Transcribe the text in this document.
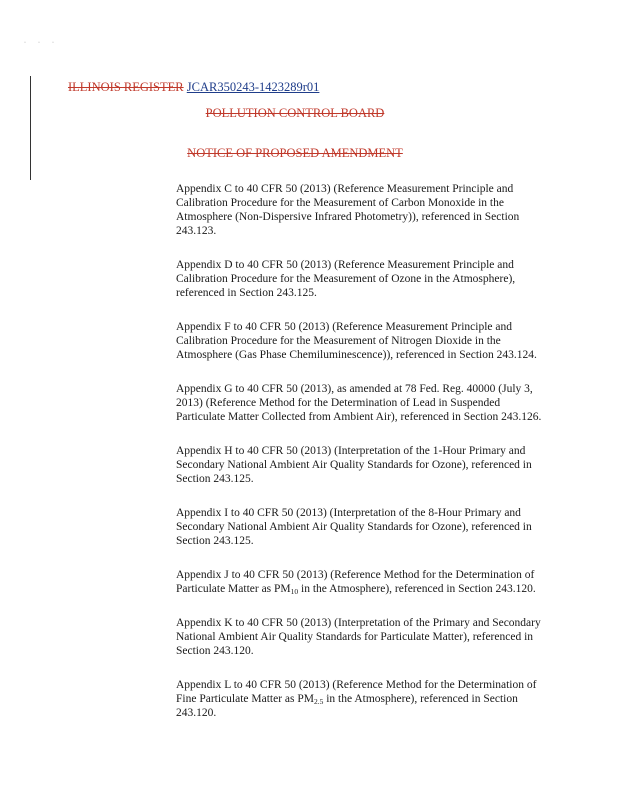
···
ILLINOIS REGISTER JCAR350243-1423289r01
POLLUTION CONTROL BOARD
NOTICE OF PROPOSED AMENDMENT

Appendix C to 40 CFR 50 (2013) (Reference Measurement Principle and Calibration Procedure for the Measurement of Carbon Monoxide in the Atmosphere (Non-Dispersive Infrared Photometry)), referenced in Section 243.123.

Appendix D to 40 CFR 50 (2013) (Reference Measurement Principle and Calibration Procedure for the Measurement of Ozone in the Atmosphere), referenced in Section 243.125.

Appendix F to 40 CFR 50 (2013) (Reference Measurement Principle and Calibration Procedure for the Measurement of Nitrogen Dioxide in the Atmosphere (Gas Phase Chemiluminescence)), referenced in Section 243.124.

Appendix G to 40 CFR 50 (2013), as amended at 78 Fed. Reg. 40000 (July 3, 2013) (Reference Method for the Determination of Lead in Suspended Particulate Matter Collected from Ambient Air), referenced in Section 243.126.

Appendix H to 40 CFR 50 (2013) (Interpretation of the 1-Hour Primary and Secondary National Ambient Air Quality Standards for Ozone), referenced in Section 243.125.

Appendix I to 40 CFR 50 (2013) (Interpretation of the 8-Hour Primary and Secondary National Ambient Air Quality Standards for Ozone), referenced in Section 243.125.

Appendix J to 40 CFR 50 (2013) (Reference Method for the Determination of Particulate Matter as $PM_{10}$ in the Atmosphere), referenced in Section 243.120.

Appendix K to 40 CFR 50 (2013) (Interpretation of the Primary and Secondary National Ambient Air Quality Standards for Particulate Matter), referenced in Section 243.120.

Appendix L to 40 CFR 50 (2013) (Reference Method for the Determination of Fine Particulate Matter as $PM_{2.5}$ in the Atmosphere), referenced in Section 243.120.
